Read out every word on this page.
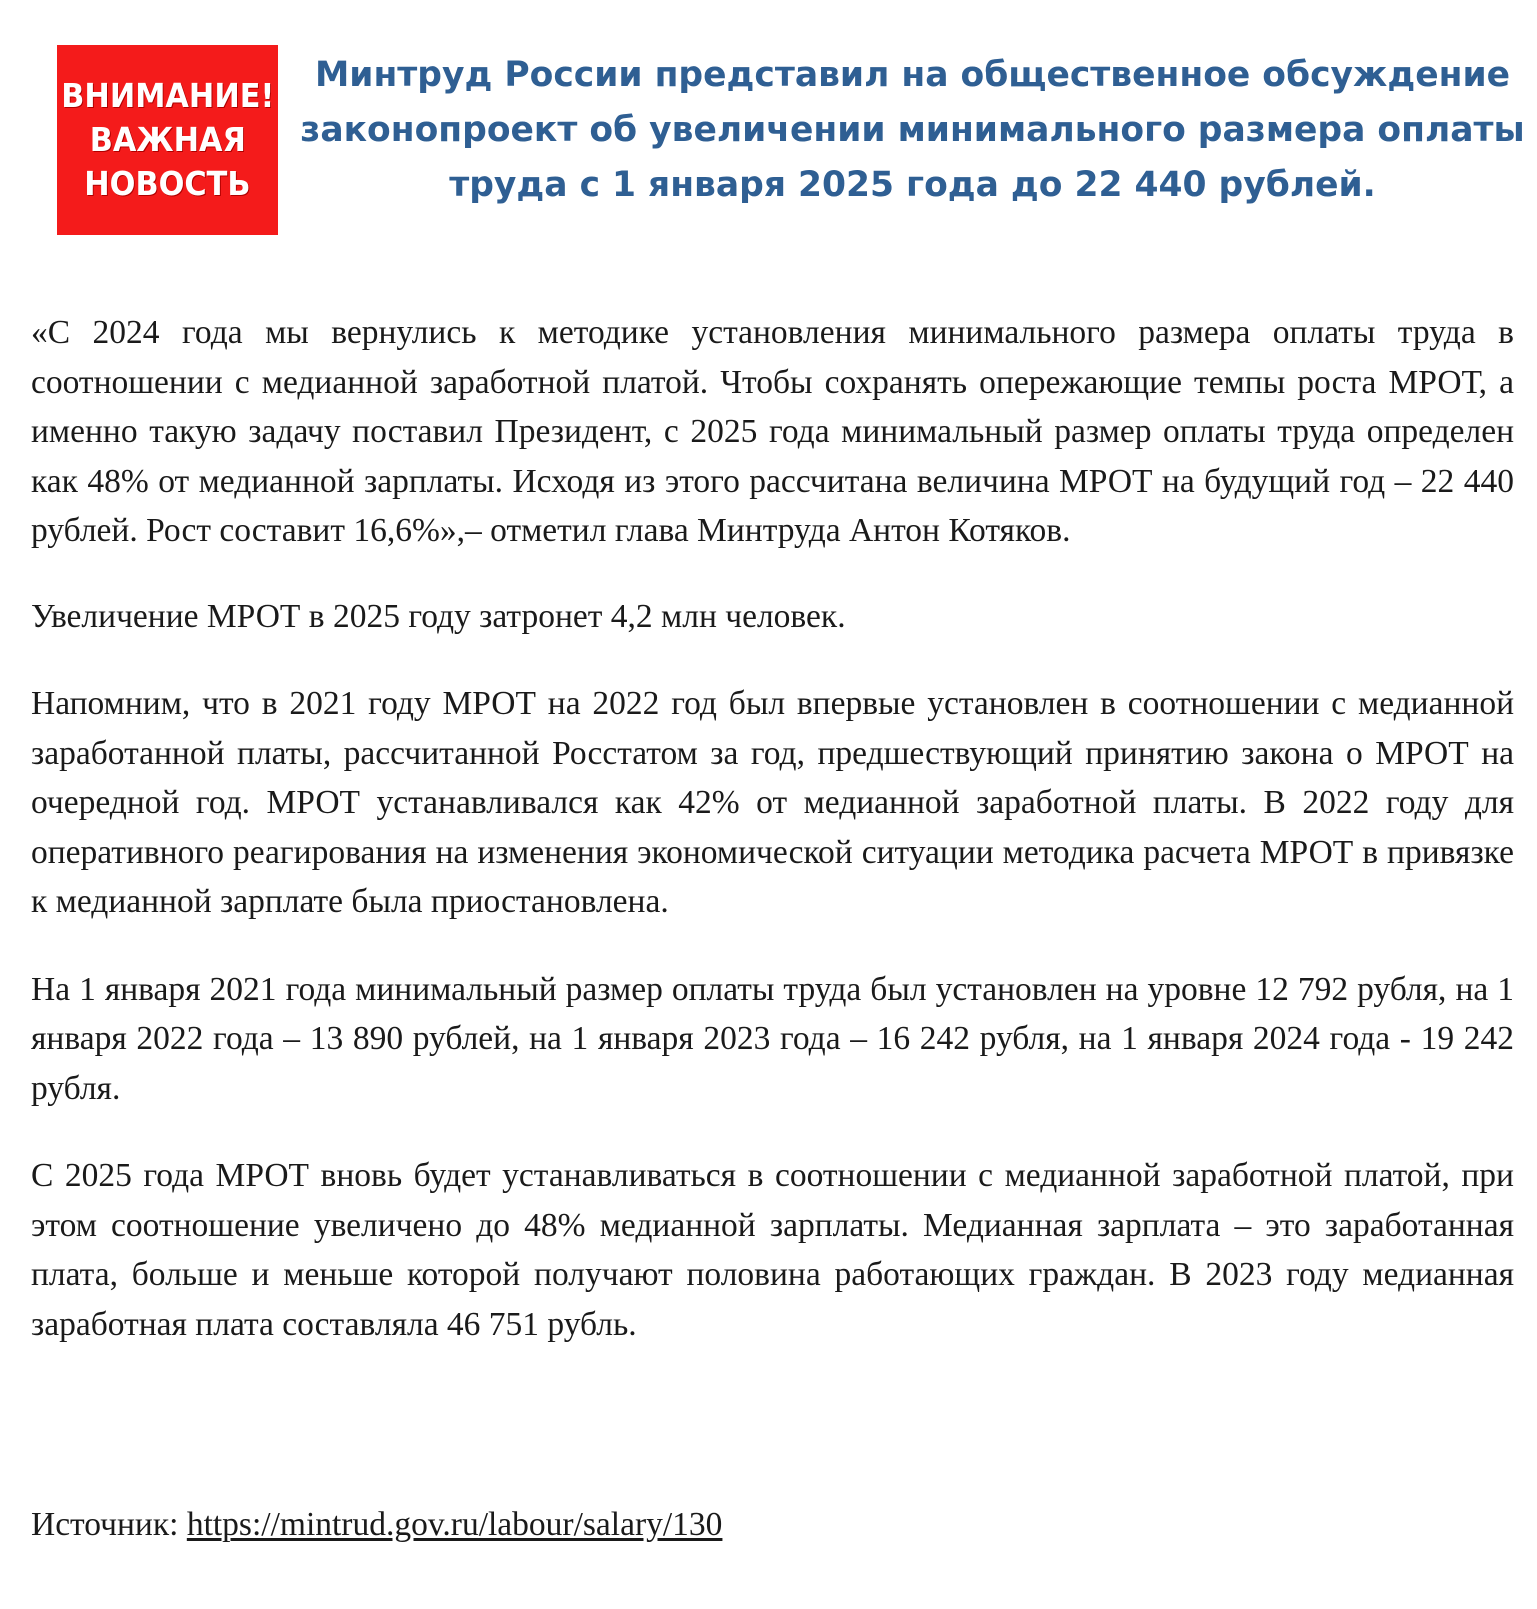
ВНИМАНИЕ!
ВАЖНАЯ
НОВОСТЬ
Минтруд России представил на общественное обсуждение законопроект об увеличении минимального размера оплаты труда с 1 января 2025 года до 22 440 рублей.

«С 2024 года мы вернулись к методике установления минимального размера оплаты труда в соотношении с медианной заработной платой. Чтобы сохранять опережающие темпы роста МРОТ, а именно такую задачу поставил Президент, с 2025 года минимальный размер оплаты труда определен как 48% от медианной зарплаты. Исходя из этого рассчитана величина МРОТ на будущий год – 22 440 рублей. Рост составит 16,6%»,– отметил глава Минтруда Антон Котяков.

Увеличение МРОТ в 2025 году затронет 4,2 млн человек.

Напомним, что в 2021 году МРОТ на 2022 год был впервые установлен в соотношении с медианной заработанной платы, рассчитанной Росстатом за год, предшествующий принятию закона о МРОТ на очередной год. МРОТ устанавливался как 42% от медианной заработной платы. В 2022 году для оперативного реагирования на изменения экономической ситуации методика расчета МРОТ в привязке к медианной зарплате была приостановлена.

На 1 января 2021 года минимальный размер оплаты труда был установлен на уровне 12 792 рубля, на 1 января 2022 года – 13 890 рублей, на 1 января 2023 года – 16 242 рубля, на 1 января 2024 года - 19 242 рубля.

С 2025 года МРОТ вновь будет устанавливаться в соотношении с медианной заработной платой, при этом соотношение увеличено до 48% медианной зарплаты. Медианная зарплата – это заработанная плата, больше и меньше которой получают половина работающих граждан. В 2023 году медианная заработная плата составляла 46 751 рубль.

Источник: https://mintrud.gov.ru/labour/salary/130
